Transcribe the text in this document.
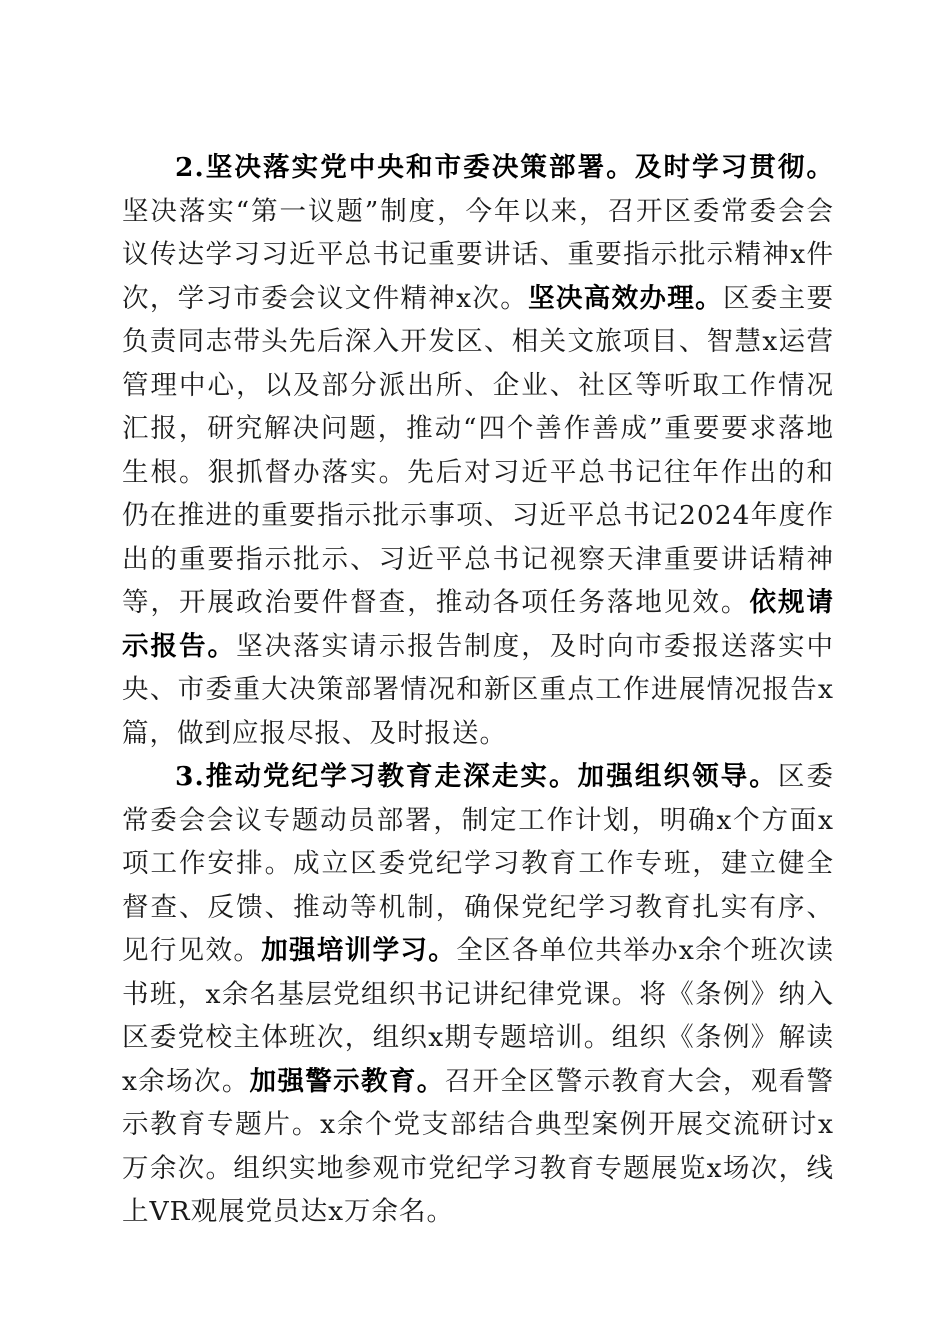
2.坚决落实党中央和市委决策部署。及时学习贯彻。坚决落实“第一议题”制度，今年以来，召开区委常委会会议传达学习习近平总书记重要讲话、重要指示批示精神x件次，学习市委会议文件精神x次。坚决高效办理。区委主要负责同志带头先后深入开发区、相关文旅项目、智慧x运营管理中心，以及部分派出所、企业、社区等听取工作情况汇报，研究解决问题，推动“四个善作善成”重要要求落地生根。狠抓督办落实。先后对习近平总书记往年作出的和仍在推进的重要指示批示事项、习近平总书记2024年度作出的重要指示批示、习近平总书记视察天津重要讲话精神等，开展政治要件督查，推动各项任务落地见效。依规请示报告。坚决落实请示报告制度，及时向市委报送落实中央、市委重大决策部署情况和新区重点工作进展情况报告x篇，做到应报尽报、及时报送。

3.推动党纪学习教育走深走实。加强组织领导。区委常委会会议专题动员部署，制定工作计划，明确x个方面x项工作安排。成立区委党纪学习教育工作专班，建立健全督查、反馈、推动等机制，确保党纪学习教育扎实有序、见行见效。加强培训学习。全区各单位共举办x余个班次读书班，x余名基层党组织书记讲纪律党课。将《条例》纳入区委党校主体班次，组织x期专题培训。组织《条例》解读x余场次。加强警示教育。召开全区警示教育大会，观看警示教育专题片。x余个党支部结合典型案例开展交流研讨x万余次。组织实地参观市党纪学习教育专题展览x场次，线上VR观展党员达x万余名。
